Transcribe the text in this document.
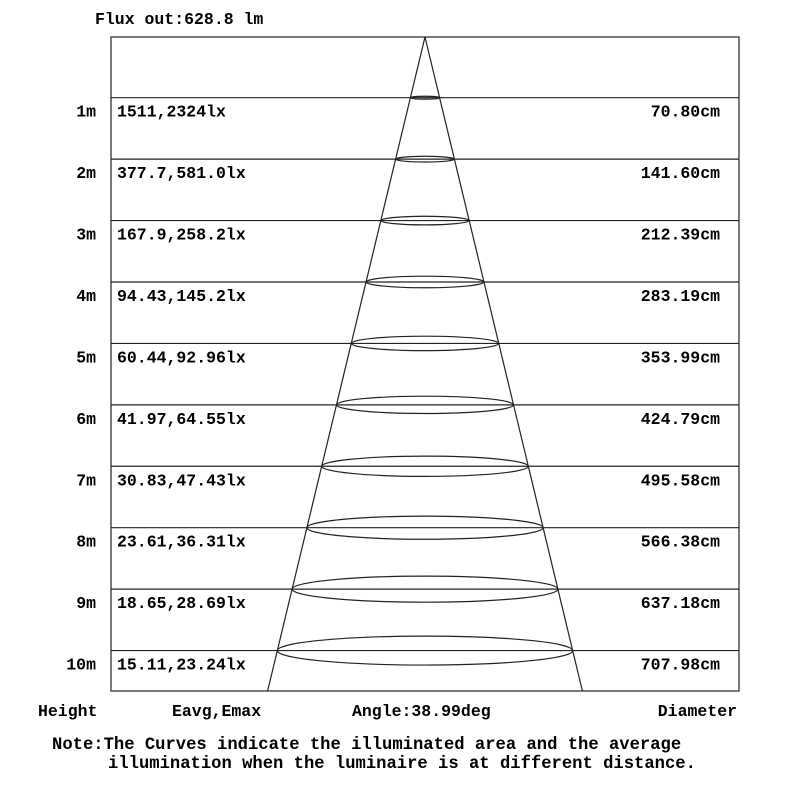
1m 1511,2324lx	70.80cm
2m 377.7,581.0lx	141.60cm
3m 167.9,258.2lx	212.39cm
4m 94.43,145.2lx	283.19cm
5m 60.44,92.96lx	353.99cm
6m 41.97,64.55lx	424.79cm
7m 30.83,47.43lx	495.58cm
8m 23.61,36.31lx	566.38cm
9m 18.65,28.69lx	637.18cm
10m 15.11,23.24lx	707.98cm
Flux out:628.8 lm
Height	Eavg,Emax	Angle:38.99deg	Diameter
Note:The Curves indicate the illuminated area and the average
illumination when the luminaire is at different distance.
